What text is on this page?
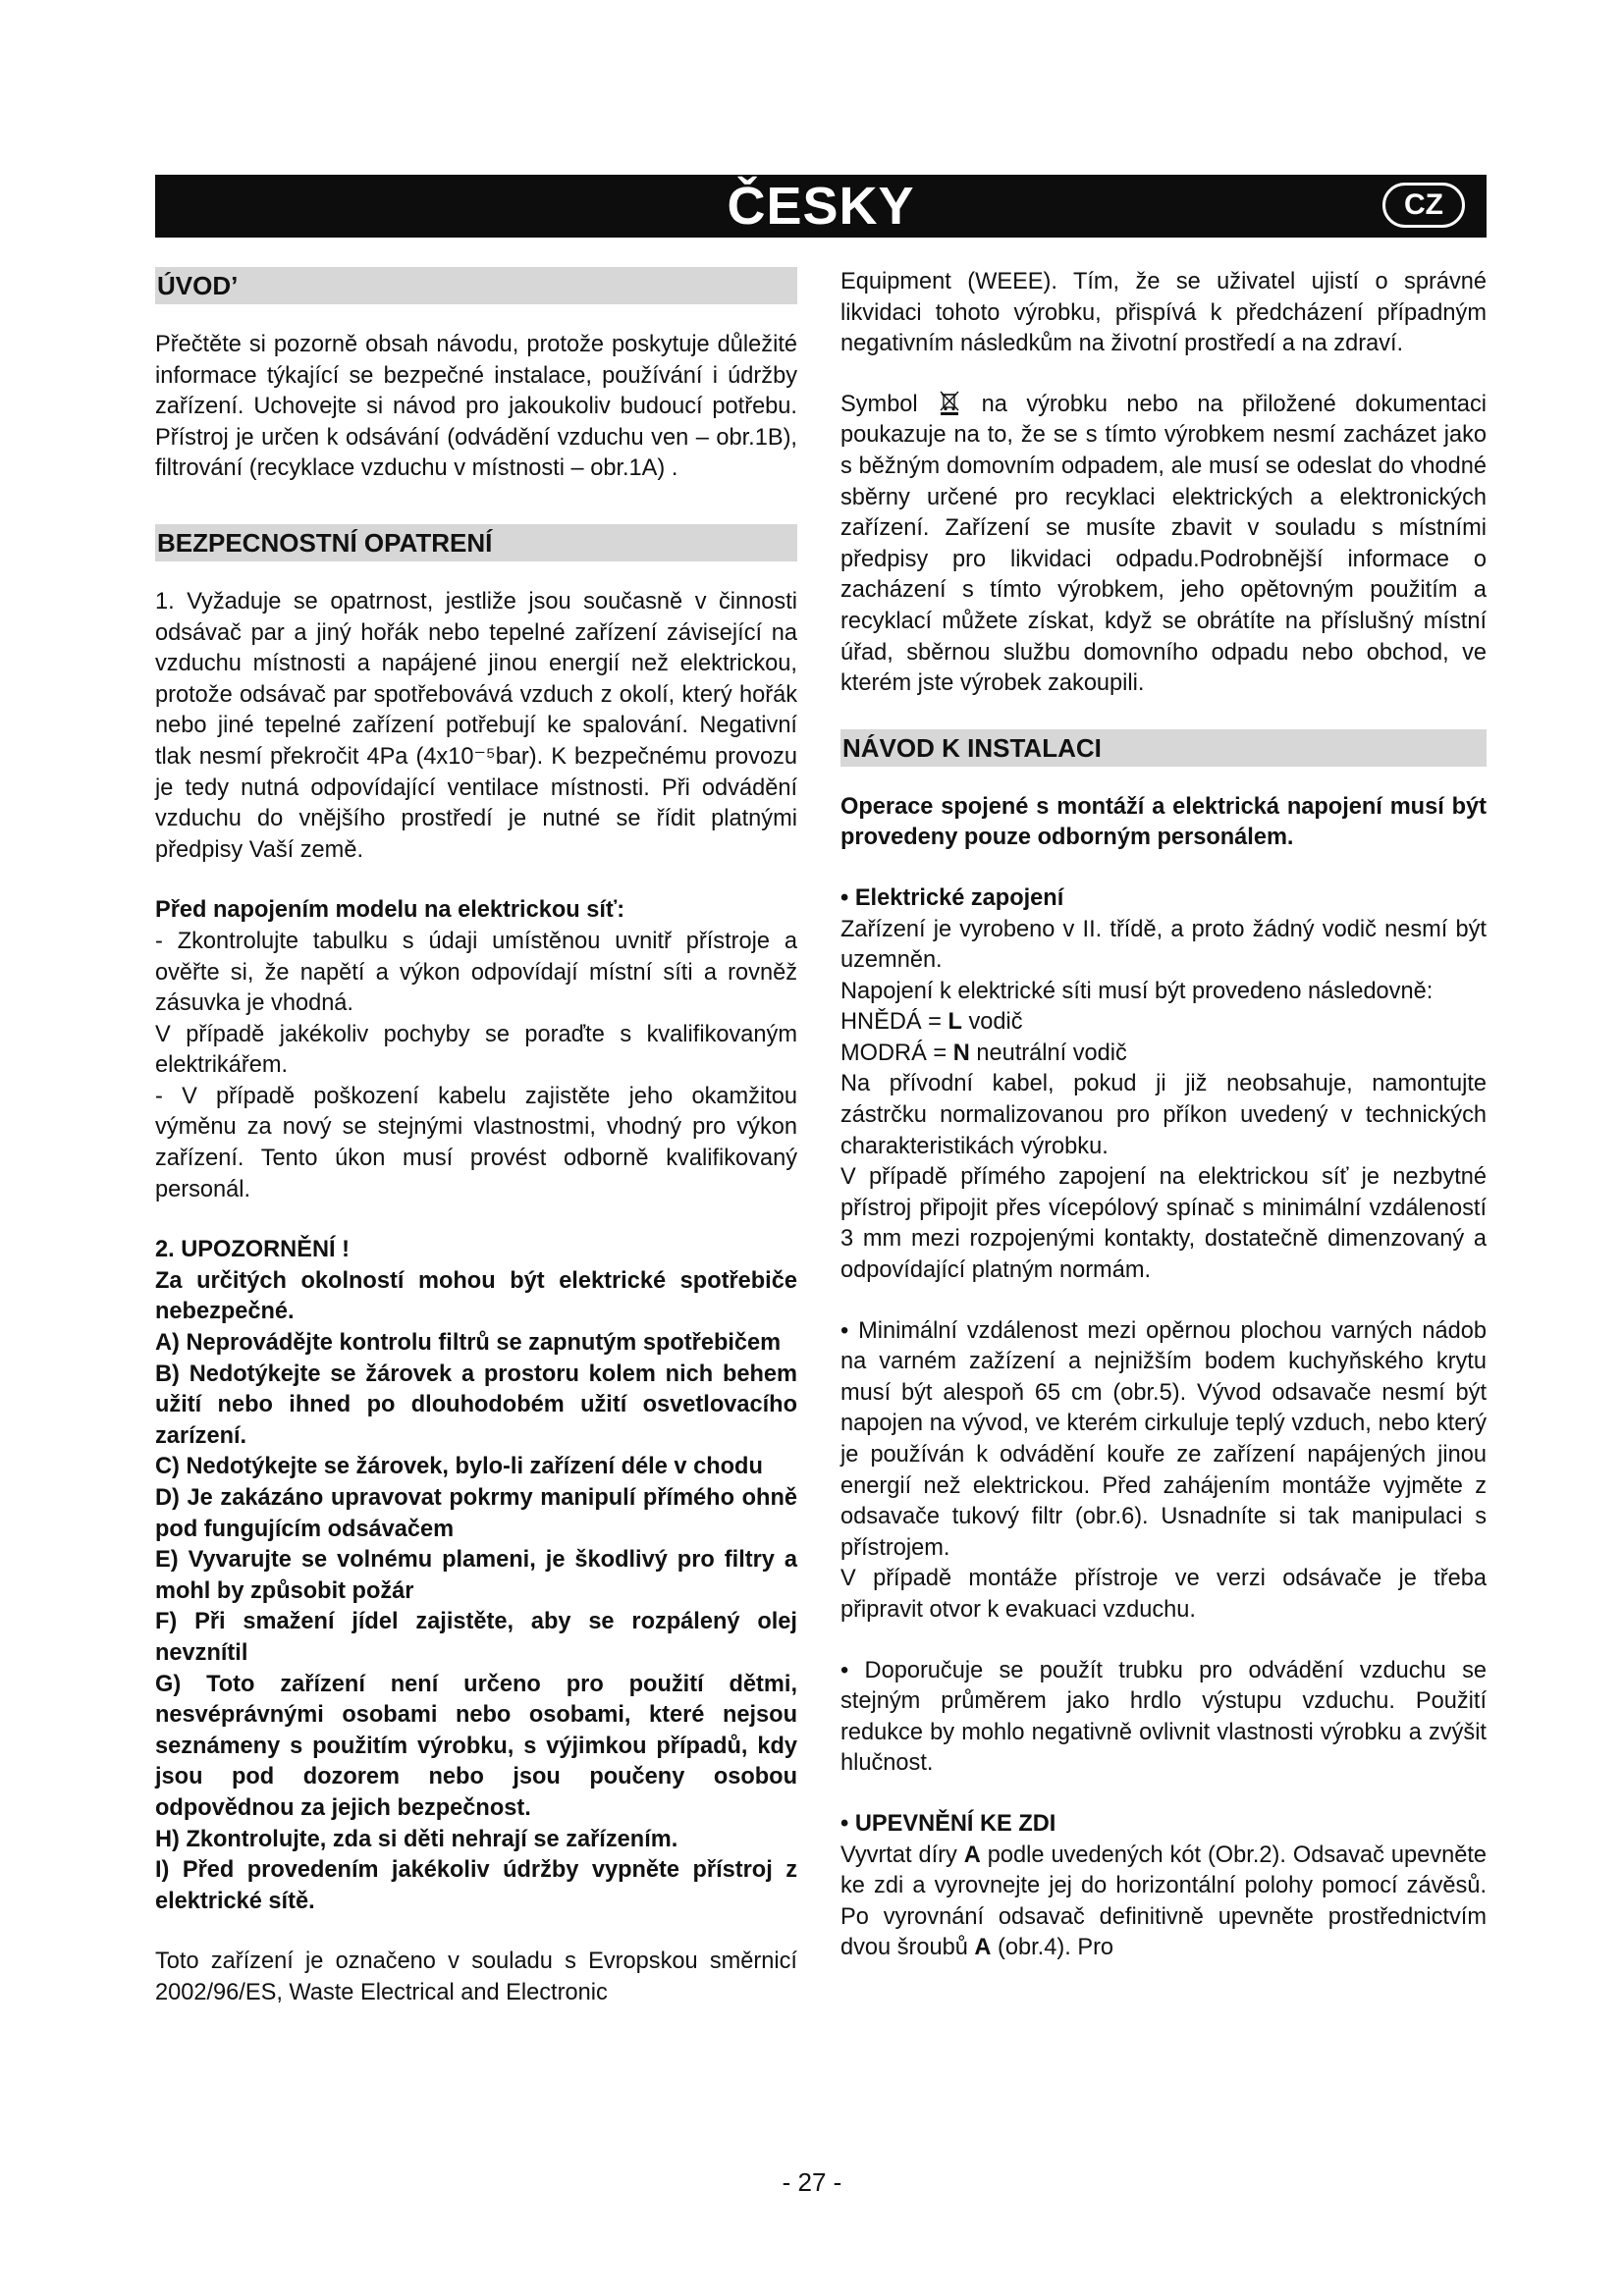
ČESKY	CZ
ÚVOD’

Přečtěte si pozorně obsah návodu, protože poskytuje důležité informace týkající se bezpečné instalace, používání i údržby zařízení. Uchovejte si návod pro jakoukoliv budoucí potřebu. Přístroj je určen k odsávání (odvádění vzduchu ven – obr.1B), filtrování (recyklace vzduchu v místnosti – obr.1A) .

BEZPECNOSTNÍ OPATRENÍ

1. Vyžaduje se opatrnost, jestliže jsou současně v činnosti odsávač par a jiný hořák nebo tepelné zařízení závisející na vzduchu místnosti a napájené jinou energií než elektrickou, protože odsávač par spotřebovává vzduch z okolí, který hořák nebo jiné tepelné zařízení potřebují ke spalování. Negativní tlak nesmí překročit 4Pa (4x10⁻⁵bar). K bezpečnému provozu je tedy nutná odpovídající ventilace místnosti. Při odvádění vzduchu do vnějšího prostředí je nutné se řídit platnými předpisy Vaší země.

Před napojením modelu na elektrickou síť:

- Zkontrolujte tabulku s údaji umístěnou uvnitř přístroje a ověřte si, že napětí a výkon odpovídají místní síti a rovněž zásuvka je vhodná.

V případě jakékoliv pochyby se poraďte s kvalifikovaným elektrikářem.

- V případě poškození kabelu zajistěte jeho okamžitou výměnu za nový se stejnými vlastnostmi, vhodný pro výkon zařízení. Tento úkon musí provést odborně kvalifikovaný personál.

2. UPOZORNĚNÍ !

Za určitých okolností mohou být elektrické spotřebiče nebezpečné.

A) Neprovádějte kontrolu filtrů se zapnutým spotřebičem

B) Nedotýkejte se žárovek a prostoru kolem nich behem užití nebo ihned po dlouhodobém užití osvetlovacího zarízení.

C) Nedotýkejte se žárovek, bylo-li zařízení déle v chodu

D) Je zakázáno upravovat pokrmy manipulí přímého ohně pod fungujícím odsávačem

E) Vyvarujte se volnému plameni, je škodlivý pro filtry a mohl by způsobit požár

F) Při smažení jídel zajistěte, aby se rozpálený olej nevznítil

G) Toto zařízení není určeno pro použití dětmi, nesvéprávnými osobami nebo osobami, které nejsou seznámeny s použitím výrobku, s výjimkou případů, kdy jsou pod dozorem nebo jsou poučeny osobou odpovědnou za jejich bezpečnost.

H) Zkontrolujte, zda si děti nehrají se zařízením.

I) Před provedením jakékoliv údržby vypněte přístroj z elektrické sítě.

Toto zařízení je označeno v souladu s Evropskou směrnicí 2002/96/ES, Waste Electrical and Electronic

Equipment (WEEE). Tím, že se uživatel ujistí o správné likvidaci tohoto výrobku, přispívá k předcházení případným negativním následkům na životní prostředí a na zdraví.

Symbol	na výrobku nebo na přiložené dokumentaci poukazuje na to, že se s tímto výrobkem nesmí zacházet jako s běžným domovním odpadem, ale musí se odeslat do vhodné sběrny určené pro recyklaci elektrických a elektronických zařízení. Zařízení se musíte zbavit v souladu s místními předpisy pro likvidaci odpadu.Podrobnější informace o zacházení s tímto výrobkem, jeho opětovným použitím a recyklací můžete získat, když se obrátíte na příslušný místní úřad, sběrnou službu domovního odpadu nebo obchod, ve kterém jste výrobek zakoupili.

NÁVOD K INSTALACI

Operace spojené s montáží a elektrická napojení musí být provedeny pouze odborným personálem.

• Elektrické zapojení

Zařízení je vyrobeno v II. třídě, a proto žádný vodič nesmí být uzemněn.

Napojení k elektrické síti musí být provedeno následovně:

HNĚDÁ = L vodič

MODRÁ = N neutrální vodič

Na přívodní kabel, pokud ji již neobsahuje, namontujte zástrčku normalizovanou pro příkon uvedený v technických charakteristikách výrobku.

V případě přímého zapojení na elektrickou síť je nezbytné přístroj připojit přes vícepólový spínač s minimální vzdáleností 3 mm mezi rozpojenými kontakty, dostatečně dimenzovaný a odpovídající platným normám.

• Minimální vzdálenost mezi opěrnou plochou varných nádob na varném zažízení a nejnižším bodem kuchyňského krytu musí být alespoň 65 cm (obr.5). Vývod odsavače nesmí být napojen na vývod, ve kterém cirkuluje teplý vzduch, nebo který je používán k odvádění kouře ze zařízení napájených jinou energií než elektrickou. Před zahájením montáže vyjměte z odsavače tukový filtr (obr.6). Usnadníte si tak manipulaci s přístrojem.

V případě montáže přístroje ve verzi odsávače je třeba připravit otvor k evakuaci vzduchu.

• Doporučuje se použít trubku pro odvádění vzduchu se stejným průměrem jako hrdlo výstupu vzduchu. Použití redukce by mohlo negativně ovlivnit vlastnosti výrobku a zvýšit hlučnost.

• UPEVNĚNÍ KE ZDI

Vyvrtat díry A podle uvedených kót (Obr.2). Odsavač upevněte ke zdi a vyrovnejte jej do horizontální polohy pomocí závěsů. Po vyrovnání odsavač definitivně upevněte prostřednictvím dvou šroubů A (obr.4). Pro

- 27 -
